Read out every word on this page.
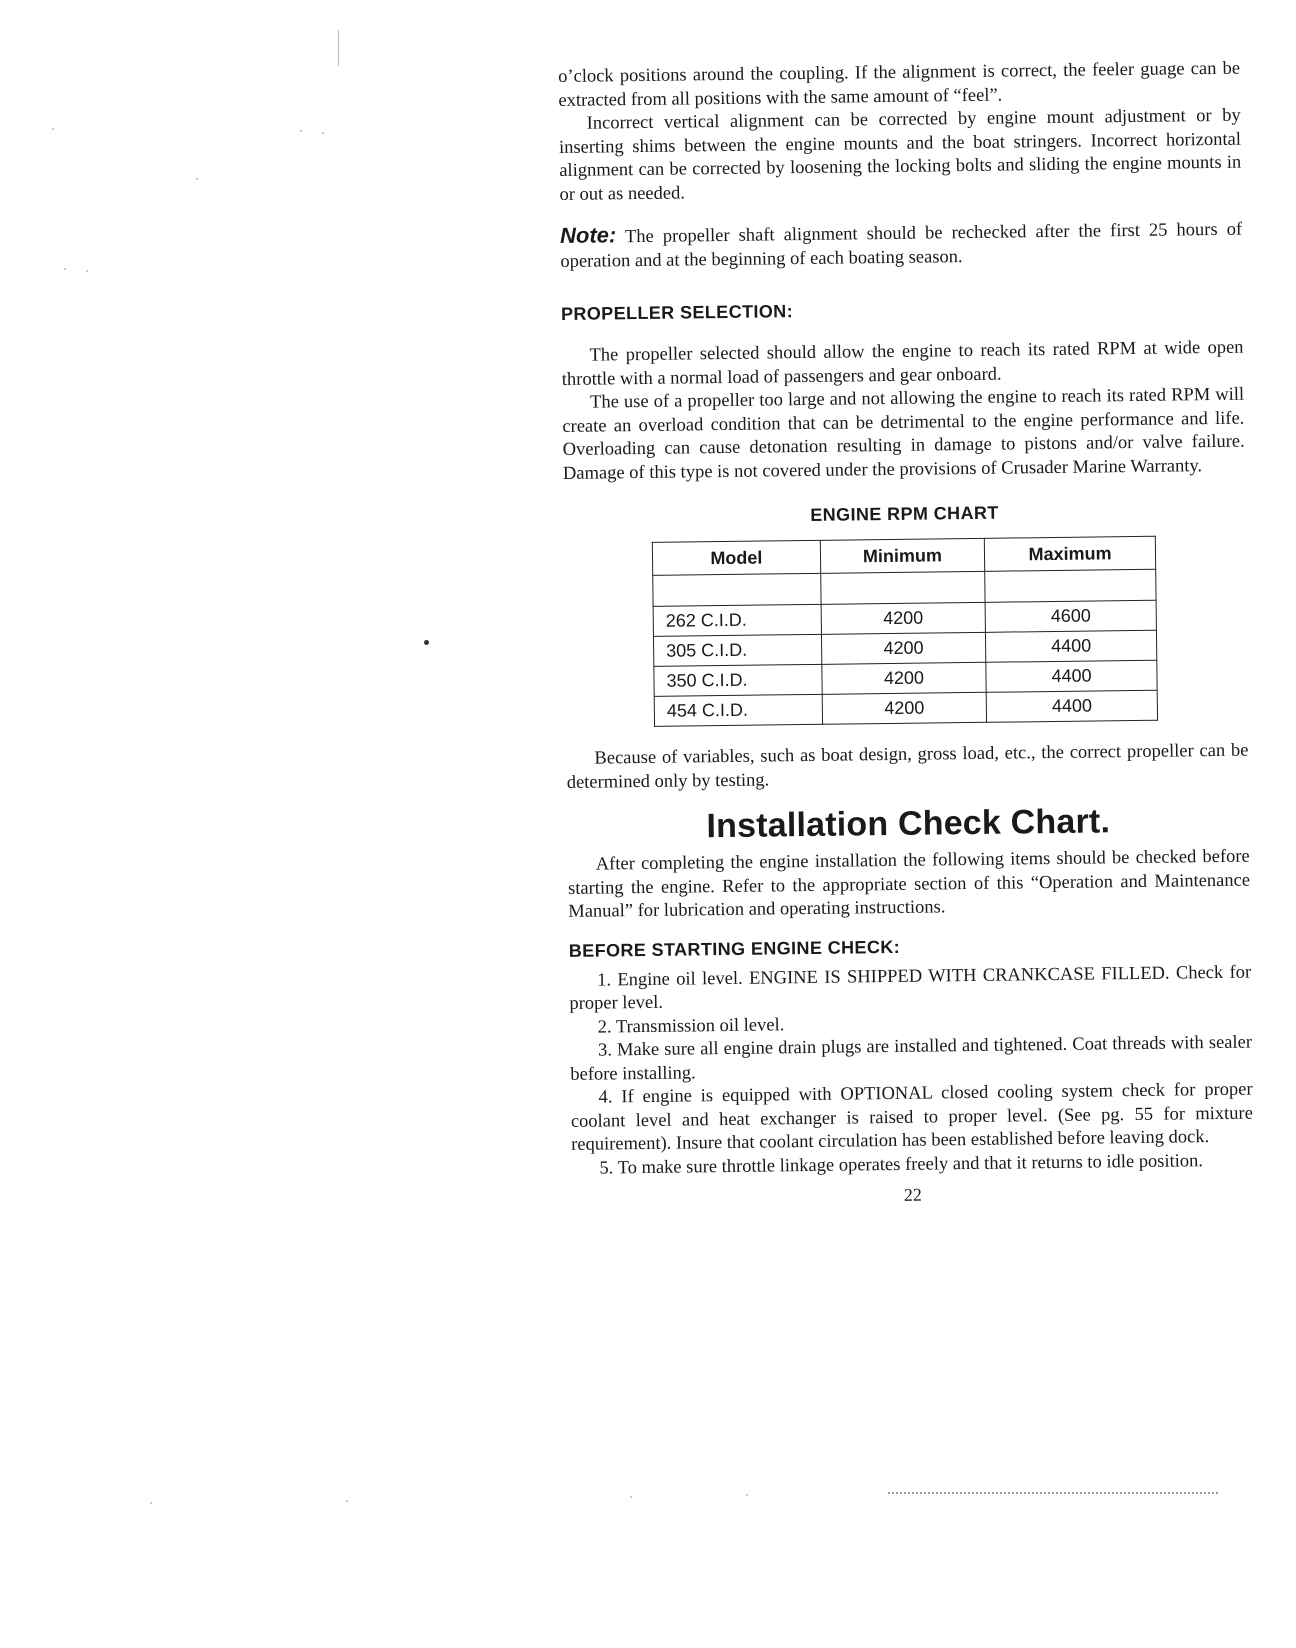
o’clock positions around the coupling. If the alignment is correct, the feeler guage can be extracted from all positions with the same amount of “feel”.

Incorrect vertical alignment can be corrected by engine mount adjustment or by inserting shims between the engine mounts and the boat stringers. Incorrect horizontal alignment can be corrected by loosening the locking bolts and sliding the engine mounts in or out as needed.

Note: The propeller shaft alignment should be rechecked after the first 25 hours of operation and at the beginning of each boating season.

PROPELLER SELECTION:

The propeller selected should allow the engine to reach its rated RPM at wide open throttle with a normal load of passengers and gear onboard.

The use of a propeller too large and not allowing the engine to reach its rated RPM will create an overload condition that can be detrimental to the engine performance and life. Overloading can cause detonation resulting in damage to pistons and/or valve failure. Damage of this type is not covered under the provisions of Crusader Marine Warranty.

ENGINE RPM CHART
Model	Minimum	Maximum

262 C.I.D.	4200	4600
305 C.I.D.	4200	4400
350 C.I.D.	4200	4400
454 C.I.D.	4200	4400

Because of variables, such as boat design, gross load, etc., the correct propeller can be determined only by testing.

Installation Check Chart.

After completing the engine installation the following items should be checked before starting the engine. Refer to the appropriate section of this “Operation and Maintenance Manual” for lubrication and operating instructions.

BEFORE STARTING ENGINE CHECK:

1. Engine oil level. ENGINE IS SHIPPED WITH CRANKCASE FILLED. Check for proper level.

2. Transmission oil level.

3. Make sure all engine drain plugs are installed and tightened. Coat threads with sealer before installing.

4. If engine is equipped with OPTIONAL closed cooling system check for proper coolant level and heat exchanger is raised to proper level. (See pg. 55 for mixture requirement). Insure that coolant circulation has been established before leaving dock.

5. To make sure throttle linkage operates freely and that it returns to idle position.

22
